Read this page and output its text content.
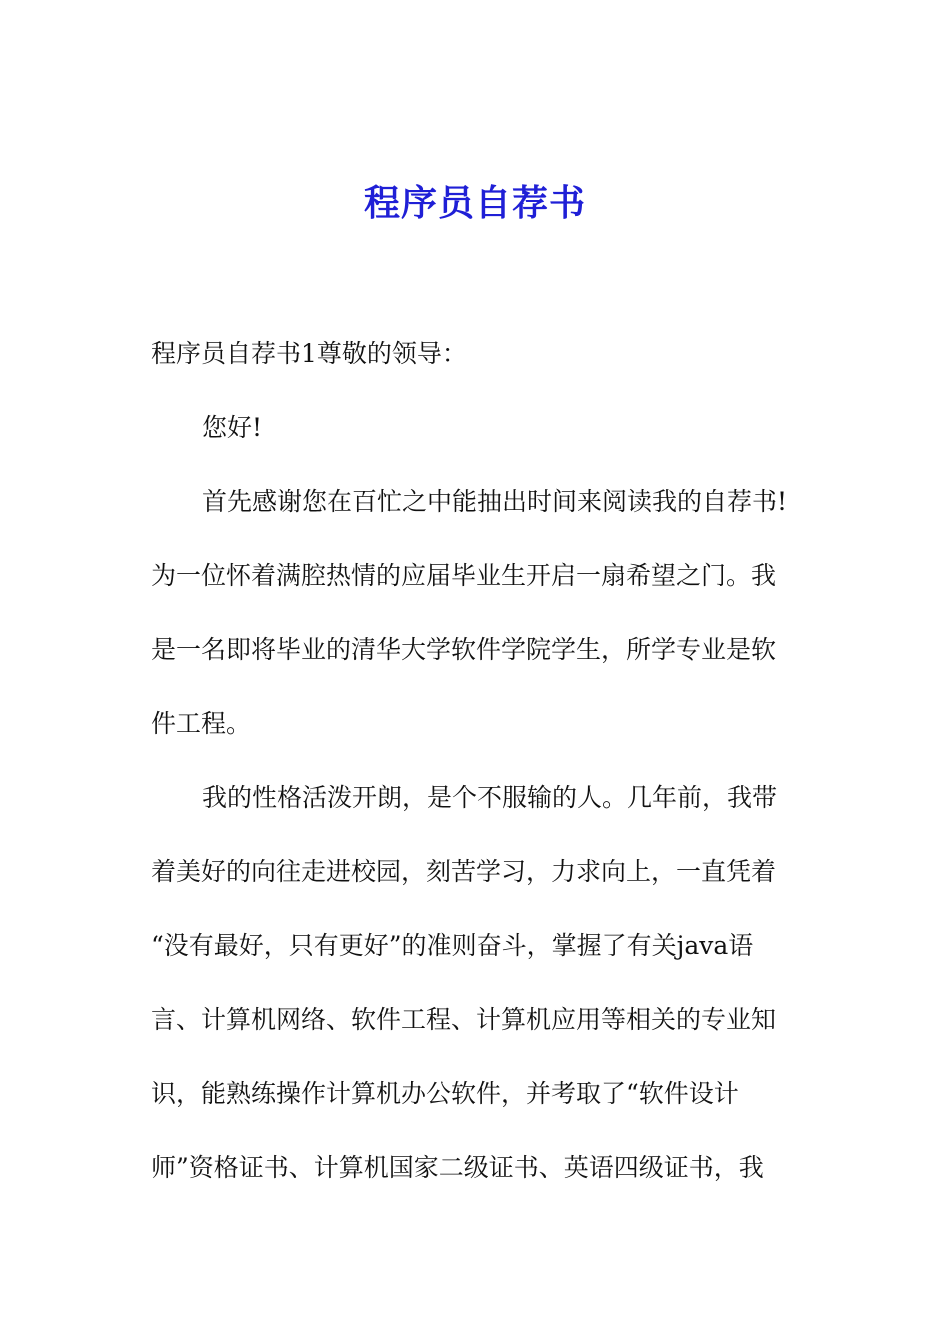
程序员自荐书
程序员自荐书1尊敬的领导：
您好!
首先感谢您在百忙之中能抽出时间来阅读我的自荐书!
为一位怀着满腔热情的应届毕业生开启一扇希望之门。我
是一名即将毕业的清华大学软件学院学生，所学专业是软
件工程。
我的性格活泼开朗，是个不服输的人。几年前，我带
着美好的向往走进校园，刻苦学习，力求向上，一直凭着
“没有最好，只有更好”的准则奋斗，掌握了有关java语
言、计算机网络、软件工程、计算机应用等相关的专业知
识，能熟练操作计算机办公软件，并考取了“软件设计
师”资格证书、计算机国家二级证书、英语四级证书，我
